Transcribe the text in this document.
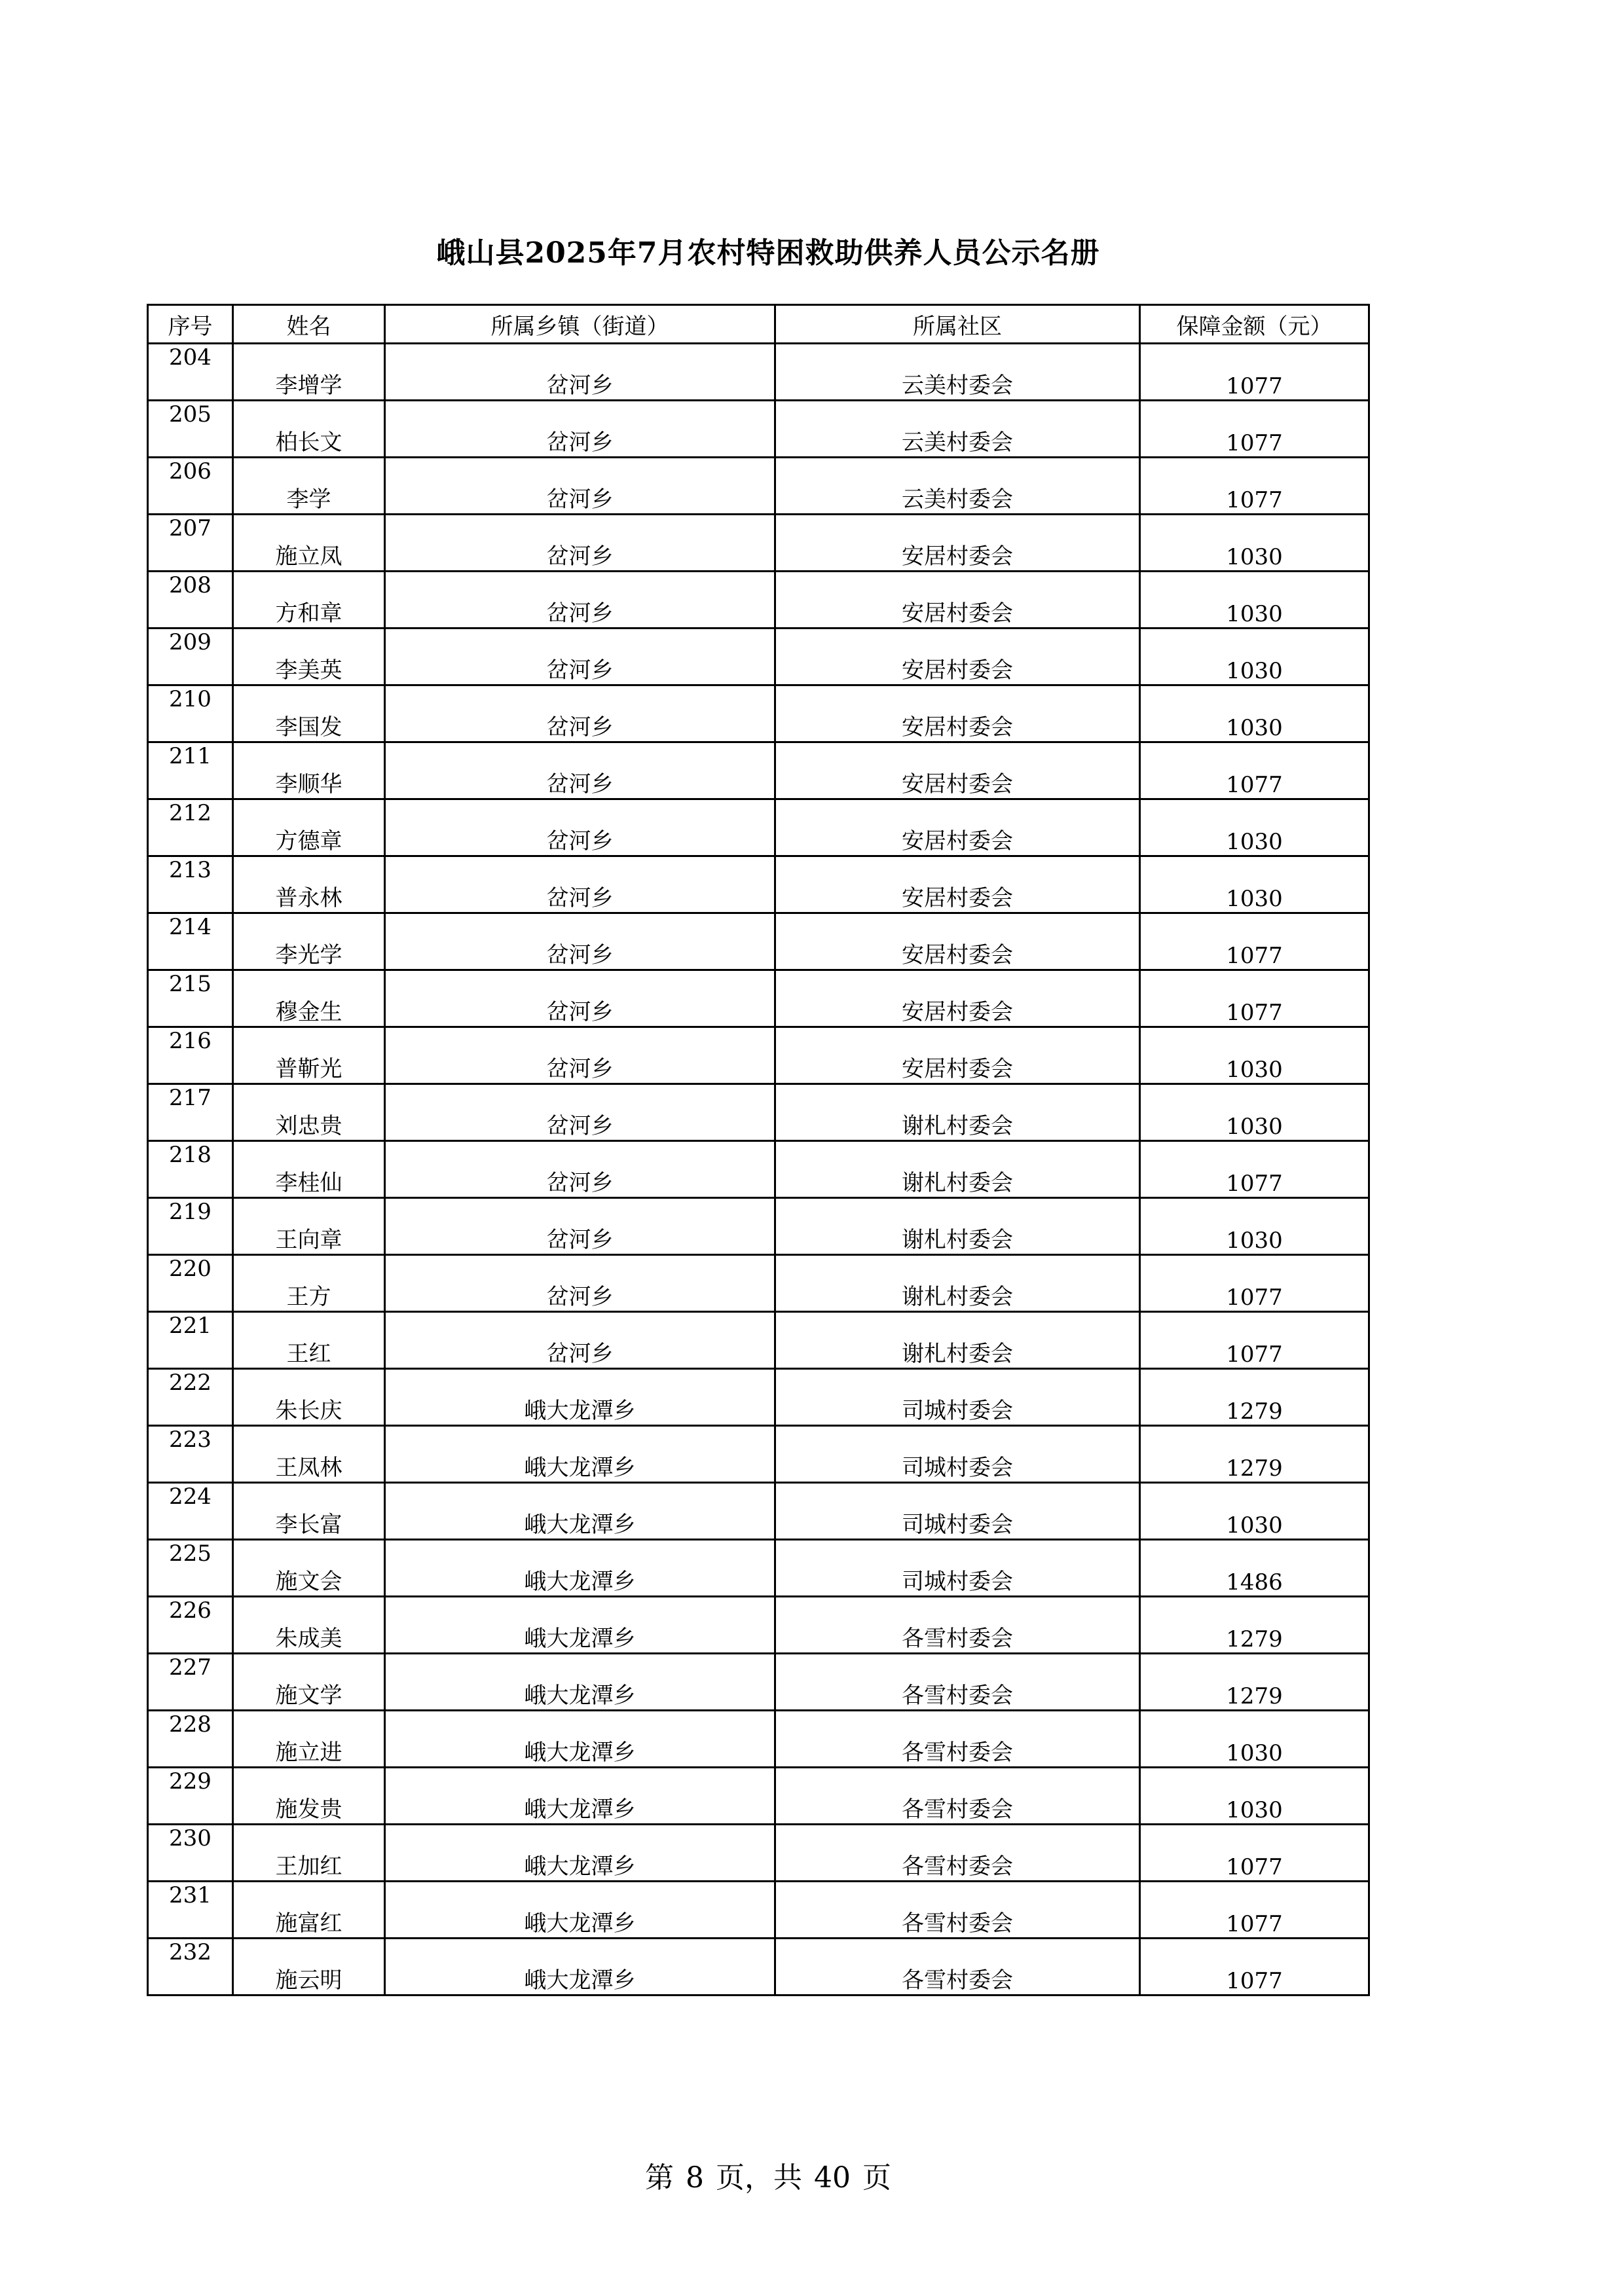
峨山县2025年7月农村特困救助供养人员公示名册
序号	姓名	所属乡镇（街道）	所属社区	保障金额（元）
204	李增学	岔河乡	云美村委会	1077
205	柏长文	岔河乡	云美村委会	1077
206	李学	岔河乡	云美村委会	1077
207	施立凤	岔河乡	安居村委会	1030
208	方和章	岔河乡	安居村委会	1030
209	李美英	岔河乡	安居村委会	1030
210	李国发	岔河乡	安居村委会	1030
211	李顺华	岔河乡	安居村委会	1077
212	方德章	岔河乡	安居村委会	1030
213	普永林	岔河乡	安居村委会	1030
214	李光学	岔河乡	安居村委会	1077
215	穆金生	岔河乡	安居村委会	1077
216	普靳光	岔河乡	安居村委会	1030
217	刘忠贵	岔河乡	谢札村委会	1030
218	李桂仙	岔河乡	谢札村委会	1077
219	王向章	岔河乡	谢札村委会	1030
220	王方	岔河乡	谢札村委会	1077
221	王红	岔河乡	谢札村委会	1077
222	朱长庆	峨大龙潭乡	司城村委会	1279
223	王凤林	峨大龙潭乡	司城村委会	1279
224	李长富	峨大龙潭乡	司城村委会	1030
225	施文会	峨大龙潭乡	司城村委会	1486
226	朱成美	峨大龙潭乡	各雪村委会	1279
227	施文学	峨大龙潭乡	各雪村委会	1279
228	施立进	峨大龙潭乡	各雪村委会	1030
229	施发贵	峨大龙潭乡	各雪村委会	1030
230	王加红	峨大龙潭乡	各雪村委会	1077
231	施富红	峨大龙潭乡	各雪村委会	1077
232	施云明	峨大龙潭乡	各雪村委会	1077
第 8 页，共 40 页
